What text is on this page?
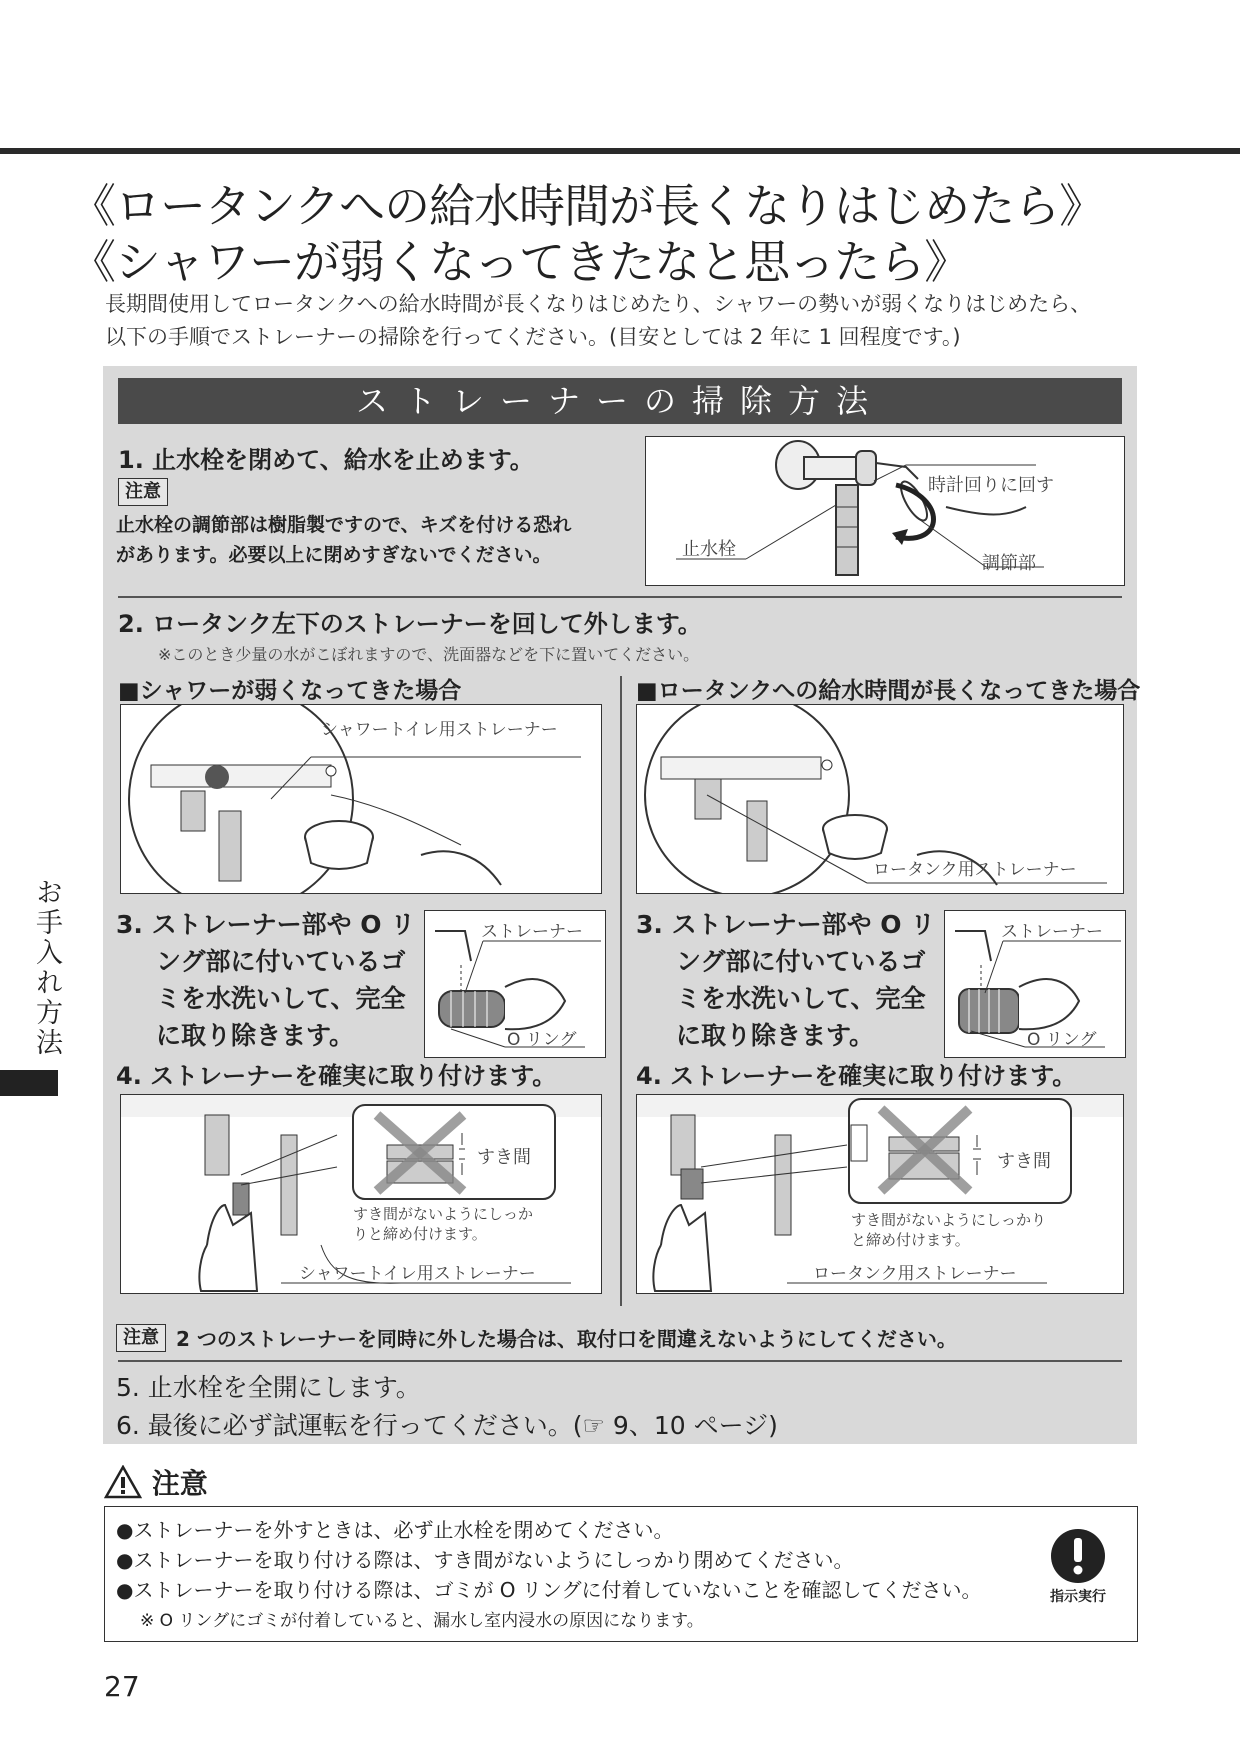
《ロータンクへの給水時間が長くなりはじめたら》
《シャワーが弱くなってきたなと思ったら》
長期間使用してロータンクへの給水時間が長くなりはじめたり、シャワーの勢いが弱くなりはじめたら、
以下の手順でストレーナーの掃除を行ってください。(目安としては 2 年に 1 回程度です。)
お手入れ方法
ストレーナーの掃除方法
1. 止水栓を閉めて、給水を止めます。
注意
止水栓の調節部は樹脂製ですので、キズを付ける恐れ
があります。必要以上に閉めすぎないでください。
時計回りに回す
止水栓
調節部
2. ロータンク左下のストレーナーを回して外します。
※このとき少量の水がこぼれますので、洗面器などを下に置いてください。
■シャワーが弱くなってきた場合
シャワートイレ用ストレーナー
3. ストレーナー部や O リ
ング部に付いているゴ
ミを水洗いして、完全
に取り除きます。
ストレーナー
O リング
4. ストレーナーを確実に取り付けます。
すき間
すき間がないようにしっか
りと締め付けます。
シャワートイレ用ストレーナー
■ロータンクへの給水時間が長くなってきた場合
ロータンク用ストレーナー
3. ストレーナー部や O リ
ング部に付いているゴ
ミを水洗いして、完全
に取り除きます。
ストレーナー
O リング
4. ストレーナーを確実に取り付けます。
すき間
すき間がないようにしっかり
と締め付けます。
ロータンク用ストレーナー
注意 2 つのストレーナーを同時に外した場合は、取付口を間違えないようにしてください。
5. 止水栓を全開にします。
6. 最後に必ず試運転を行ってください。(☞ 9、10 ページ)
注意
●ストレーナーを外すときは、必ず止水栓を閉めてください。
●ストレーナーを取り付ける際は、すき間がないようにしっかり閉めてください。
●ストレーナーを取り付ける際は、ゴミが O リングに付着していないことを確認してください。
※ O リングにゴミが付着していると、漏水し室内浸水の原因になります。
指示実行
27
